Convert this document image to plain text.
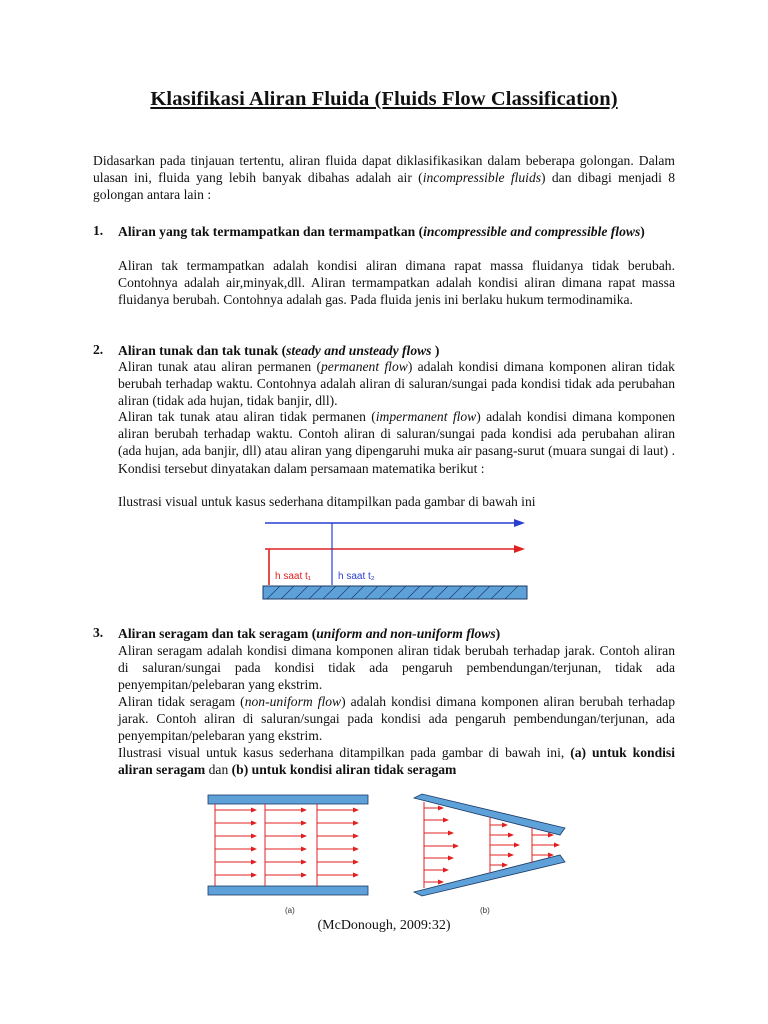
Klasifikasi Aliran Fluida (Fluids Flow Classification)
Didasarkan pada tinjauan tertentu, aliran fluida dapat diklasifikasikan dalam beberapa golongan. Dalam ulasan ini, fluida yang lebih banyak dibahas adalah air (incompressible fluids) dan dibagi menjadi 8 golongan antara lain :
1. Aliran yang tak termampatkan dan termampatkan (incompressible and compressible flows)
Aliran tak termampatkan adalah kondisi aliran dimana rapat massa fluidanya tidak berubah. Contohnya adalah air,minyak,dll. Aliran termampatkan adalah kondisi aliran dimana rapat massa fluidanya berubah. Contohnya adalah gas. Pada fluida jenis ini berlaku hukum termodinamika.
2. Aliran tunak dan tak tunak (steady and unsteady flows )
Aliran tunak atau aliran permanen (permanent flow) adalah kondisi dimana komponen aliran tidak berubah terhadap waktu. Contohnya adalah aliran di saluran/sungai pada kondisi tidak ada perubahan aliran (tidak ada hujan, tidak banjir, dll).
Aliran tak tunak atau aliran tidak permanen (impermanent flow) adalah kondisi dimana komponen aliran berubah terhadap waktu. Contoh aliran di saluran/sungai pada kondisi ada perubahan aliran (ada hujan, ada banjir, dll) atau aliran yang dipengaruhi muka air pasang-surut (muara sungai di laut) . Kondisi tersebut dinyatakan dalam persamaan matematika berikut :
Ilustrasi visual untuk kasus sederhana ditampilkan pada gambar di bawah ini
h saat t₁	h saat t₂
3. Aliran seragam dan tak seragam (uniform and non-uniform flows)
Aliran seragam adalah kondisi dimana komponen aliran tidak berubah terhadap jarak. Contoh aliran di saluran/sungai pada kondisi tidak ada pengaruh pembendungan/terjunan, tidak ada penyempitan/pelebaran yang ekstrim.
Aliran tidak seragam (non-uniform flow) adalah kondisi dimana komponen aliran berubah terhadap jarak. Contoh aliran di saluran/sungai pada kondisi ada pengaruh pembendungan/terjunan, ada penyempitan/pelebaran yang ekstrim.
Ilustrasi visual untuk kasus sederhana ditampilkan pada gambar di bawah ini, (a) untuk kondisi aliran seragam dan (b) untuk kondisi aliran tidak seragam
(a)	(b)
(McDonough, 2009:32)
